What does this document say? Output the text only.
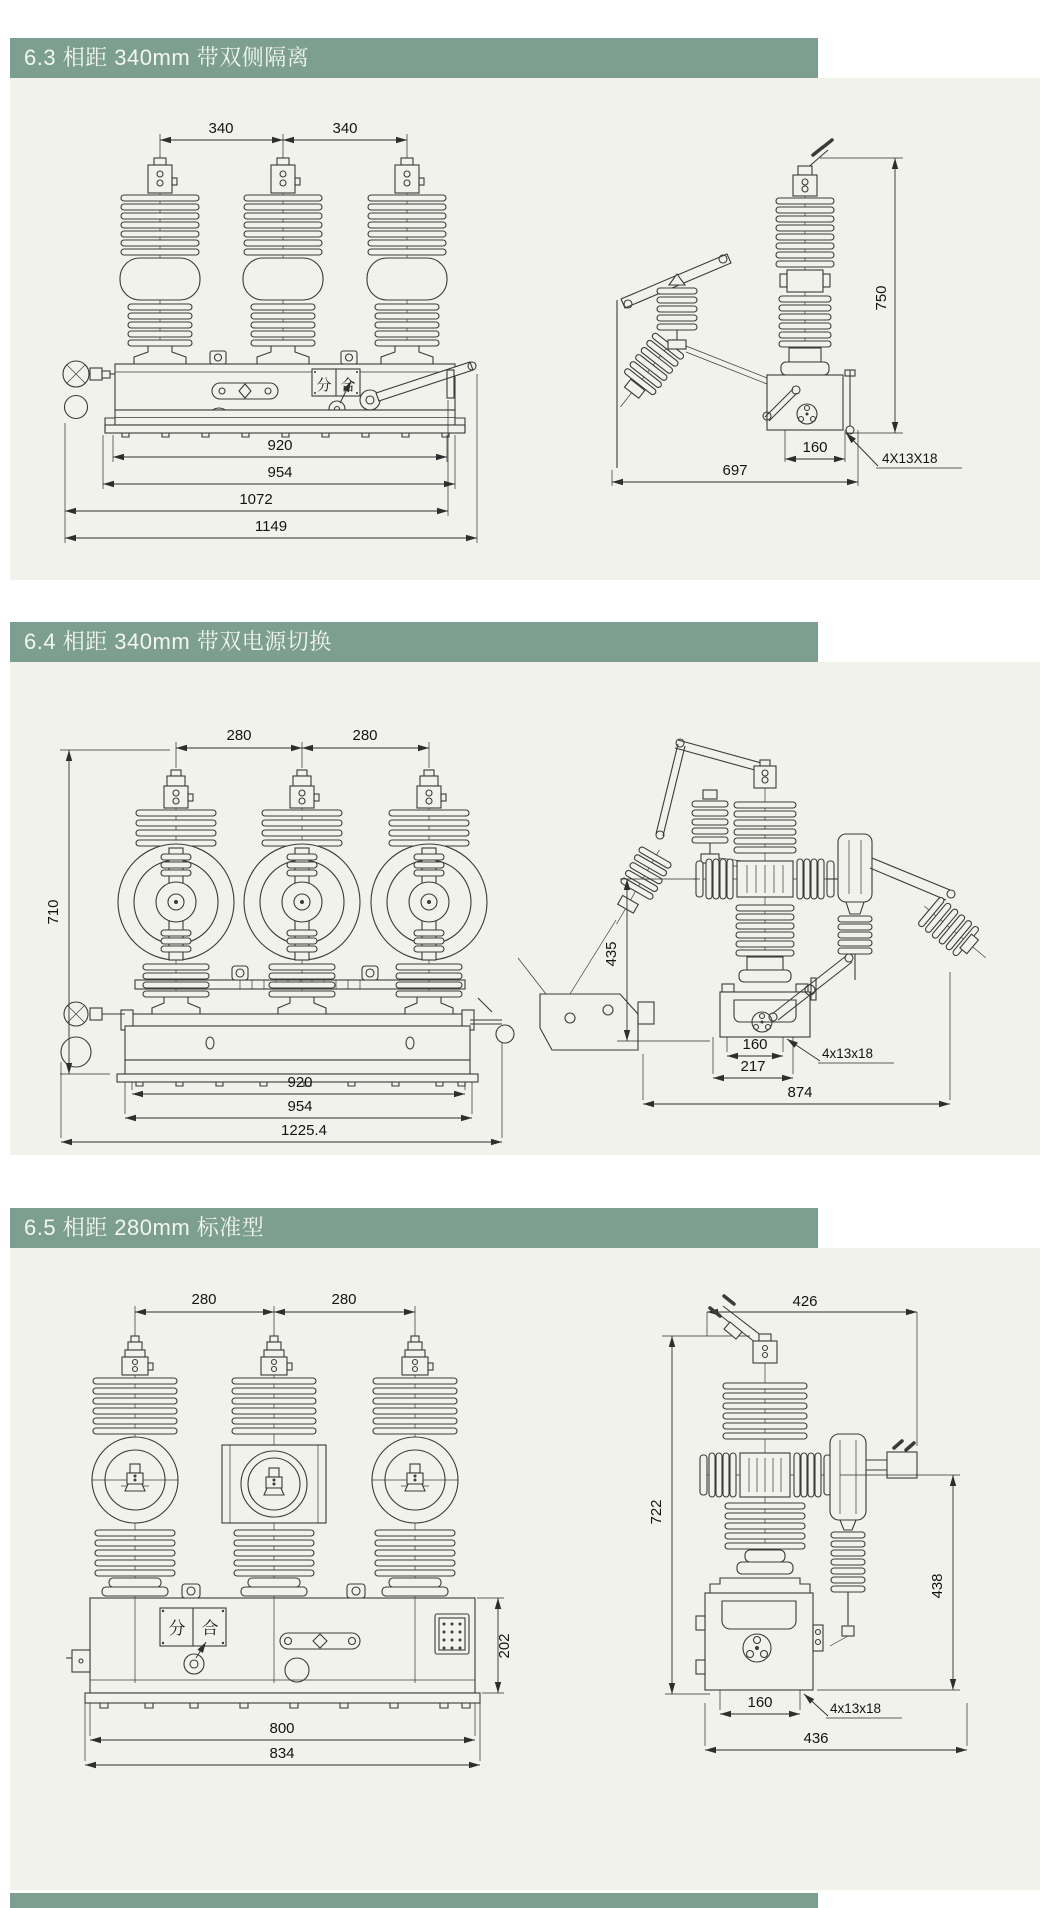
6.3 相距 340mm 带双侧隔离
340	340
分 合
920
954
1072
1149
750
160
697
4X13X18
6.4 相距 340mm 带双电源切换
280	280
710
920
954
1225.4
435
160
217
874
4x13x18
6.5 相距 280mm 标准型
280	280
分 合
202
800
834
426
722
438
160	4x13x18
436
